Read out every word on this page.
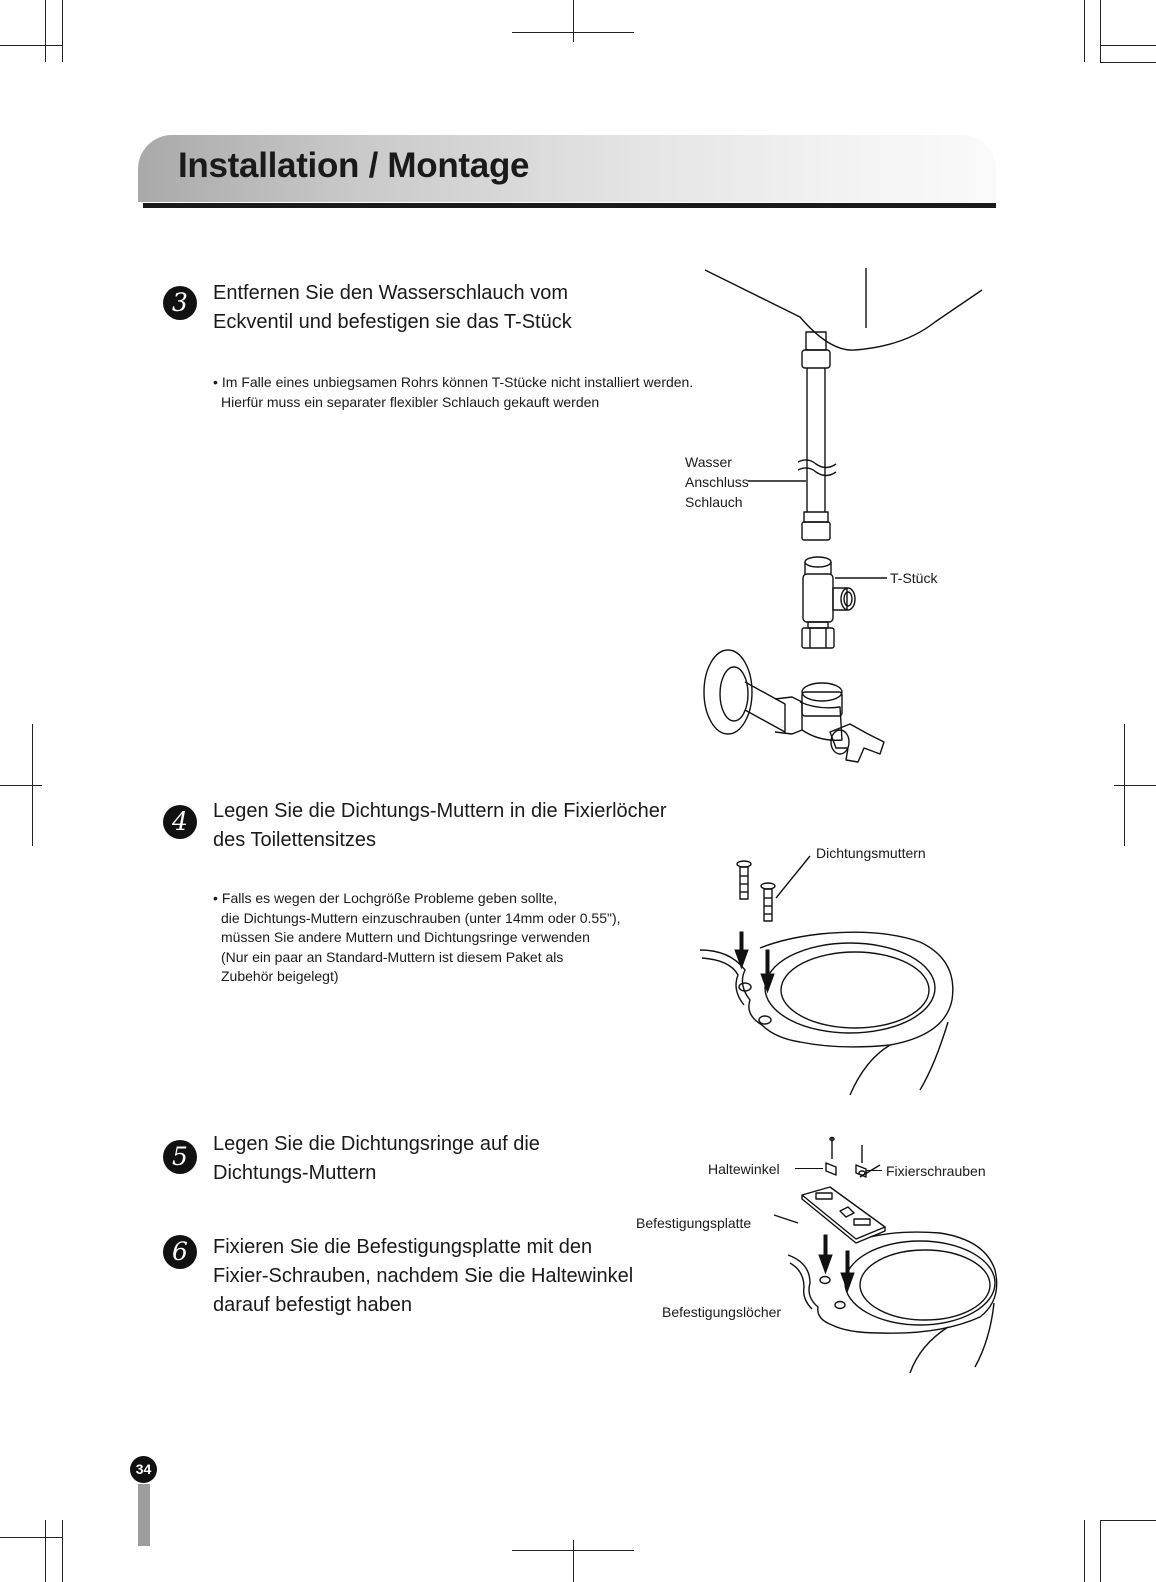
Installation / Montage
3	Entfernen Sie den Wasserschlauch vom
Eckventil und befestigen sie das T-Stück
• Im Falle eines unbiegsamen Rohrs können T-Stücke nicht installiert werden.
Hierfür muss ein separater flexibler Schlauch gekauft werden
Wasser
Anschluss
Schlauch
T-Stück
4	Legen Sie die Dichtungs-Muttern in die Fixierlöcher
des Toilettensitzes
• Falls es wegen der Lochgröße Probleme geben sollte,
die Dichtungs-Muttern einzuschrauben (unter 14mm oder 0.55"),
müssen Sie andere Muttern und Dichtungsringe verwenden
(Nur ein paar an Standard-Muttern ist diesem Paket als
Zubehör beigelegt)
Dichtungsmuttern
5	Legen Sie die Dichtungsringe auf die
Dichtungs-Muttern
6	Fixieren Sie die Befestigungsplatte mit den
Fixier-Schrauben, nachdem Sie die Haltewinkel
darauf befestigt haben
Haltewinkel	Fixierschrauben
Befestigungsplatte
Befestigungslöcher
34
